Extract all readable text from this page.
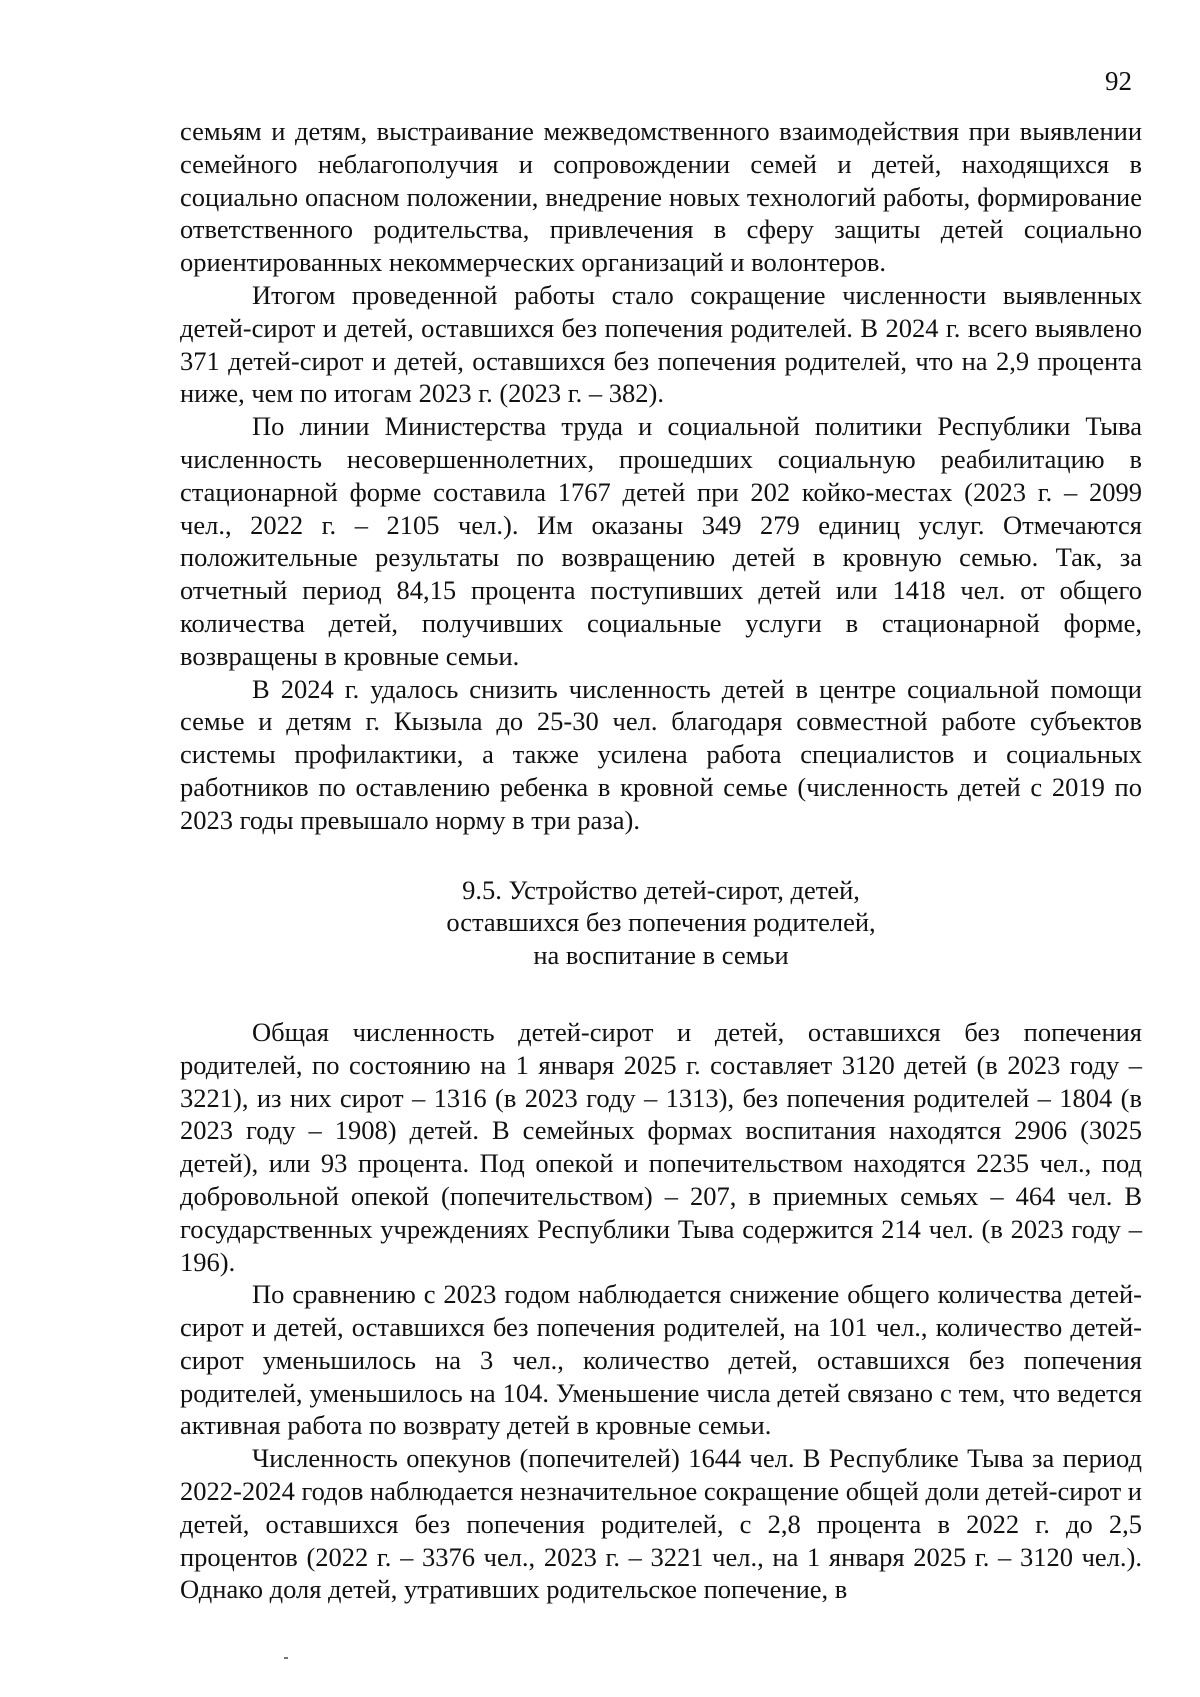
92

семьям и детям, выстраивание межведомственного взаимодействия при выявлении семейного неблагополучия и сопровождении семей и детей, находящихся в социально опасном положении, внедрение новых технологий работы, формирование ответственного родительства, привлечения в сферу защиты детей социально ориентированных некоммерческих организаций и волонтеров.

Итогом проведенной работы стало сокращение численности выявленных детей-сирот и детей, оставшихся без попечения родителей. В 2024 г. всего выявлено 371 детей-сирот и детей, оставшихся без попечения родителей, что на 2,9 процента ниже, чем по итогам 2023 г. (2023 г. – 382).

По линии Министерства труда и социальной политики Республики Тыва численность несовершеннолетних, прошедших социальную реабилитацию в стационарной форме составила 1767 детей при 202 койко-местах (2023 г. – 2099 чел., 2022 г. – 2105 чел.). Им оказаны 349 279 единиц услуг. Отмечаются положительные результаты по возвращению детей в кровную семью. Так, за отчетный период 84,15 процента поступивших детей или 1418 чел. от общего количества детей, получивших социальные услуги в стационарной форме, возвращены в кровные семьи.

В 2024 г. удалось снизить численность детей в центре социальной помощи семье и детям г. Кызыла до 25-30 чел. благодаря совместной работе субъектов системы профилактики, а также усилена работа специалистов и социальных работников по оставлению ребенка в кровной семье (численность детей с 2019 по 2023 годы превышало норму в три раза).

9.5. Устройство детей-сирот, детей,
оставшихся без попечения родителей,
на воспитание в семьи

Общая численность детей-сирот и детей, оставшихся без попечения родителей, по состоянию на 1 января 2025 г. составляет 3120 детей (в 2023 году – 3221), из них сирот – 1316 (в 2023 году – 1313), без попечения родителей – 1804 (в 2023 году – 1908) детей. В семейных формах воспитания находятся 2906 (3025 детей), или 93 процента. Под опекой и попечительством находятся 2235 чел., под добровольной опекой (попечительством) – 207, в приемных семьях – 464 чел. В государственных учреждениях Республики Тыва содержится 214 чел. (в 2023 году – 196).

По сравнению с 2023 годом наблюдается снижение общего количества детей-сирот и детей, оставшихся без попечения родителей, на 101 чел., количество детей-сирот уменьшилось на 3 чел., количество детей, оставшихся без попечения родителей, уменьшилось на 104. Уменьшение числа детей связано с тем, что ведется активная работа по возврату детей в кровные семьи.

Численность опекунов (попечителей) 1644 чел. В Республике Тыва за период 2022-2024 годов наблюдается незначительное сокращение общей доли детей-сирот и детей, оставшихся без попечения родителей, с 2,8 процента в 2022 г. до 2,5 процентов (2022 г. – 3376 чел., 2023 г. – 3221 чел., на 1 января 2025 г. – 3120 чел.). Однако доля детей, утративших родительское попечение, в
